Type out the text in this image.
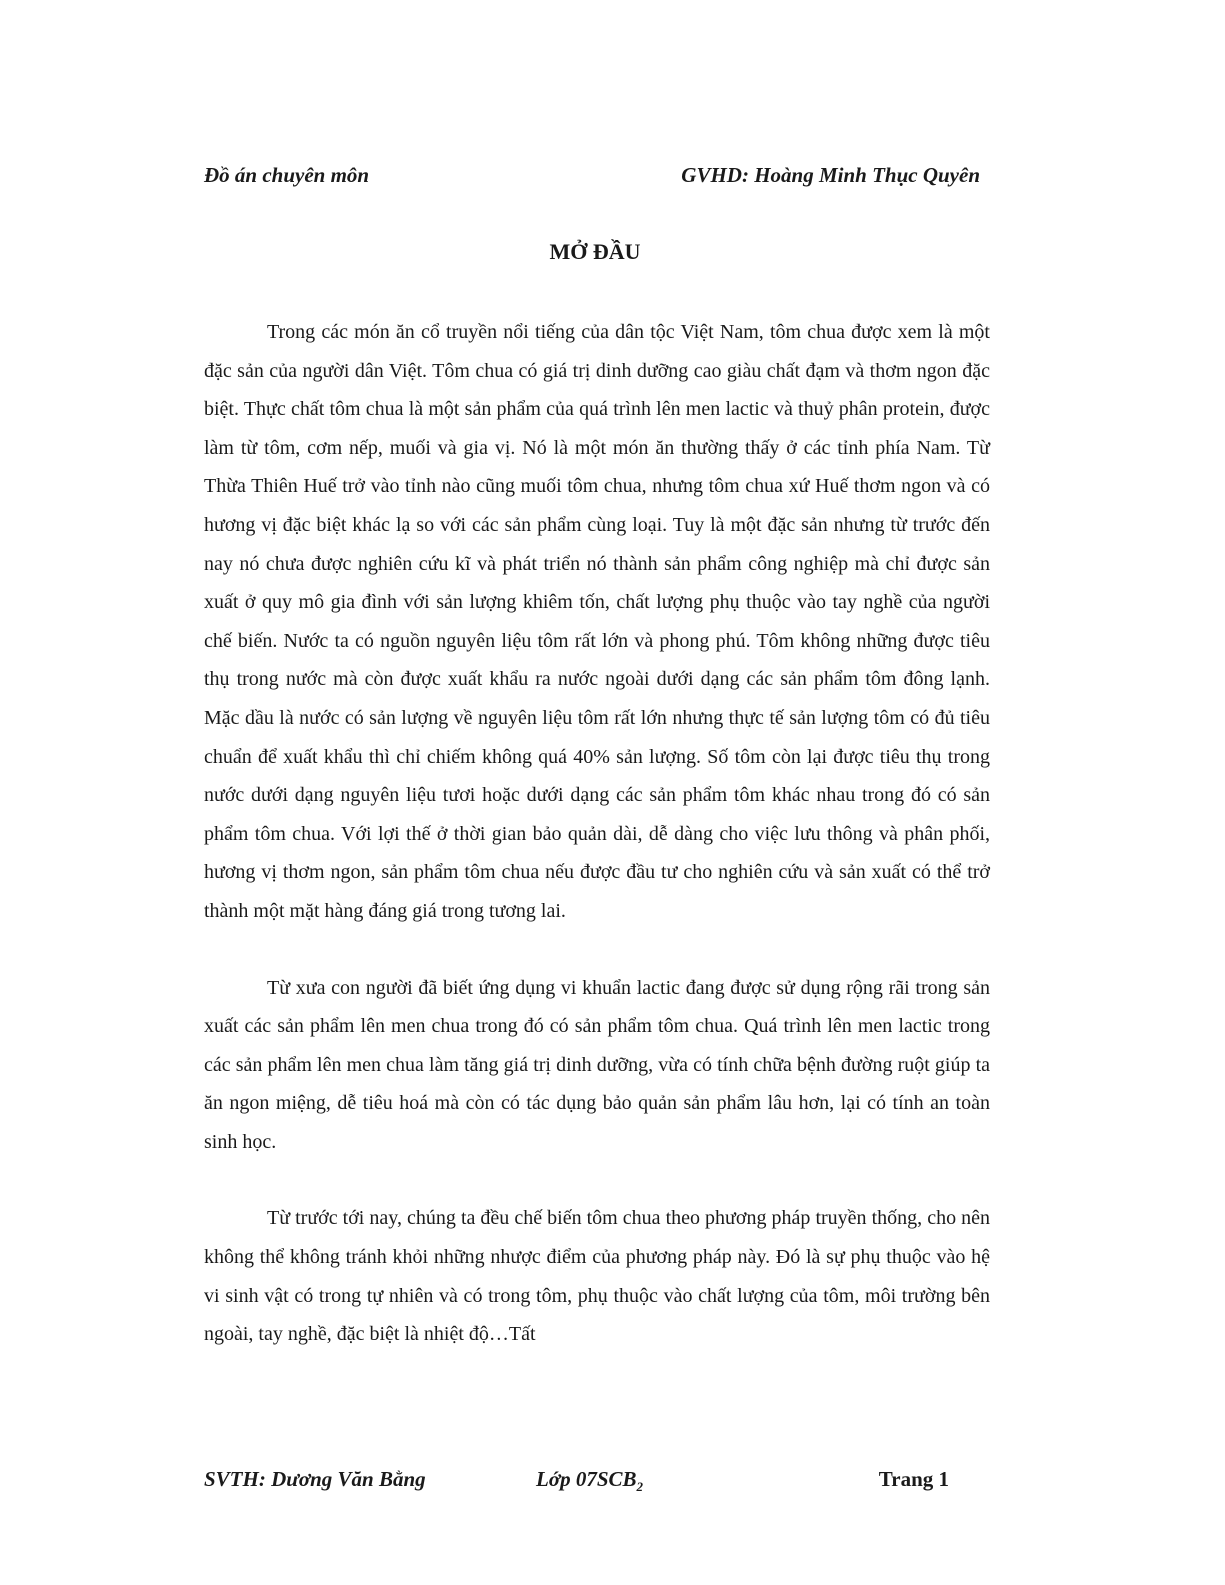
Đồ án chuyên môn	GVHD: Hoàng Minh Thục Quyên
MỞ ĐẦU

Trong các món ăn cổ truyền nổi tiếng của dân tộc Việt Nam, tôm chua được xem là một đặc sản của người dân Việt. Tôm chua có giá trị dinh dưỡng cao giàu chất đạm và thơm ngon đặc biệt. Thực chất tôm chua là một sản phẩm của quá trình lên men lactic và thuỷ phân protein, được làm từ tôm, cơm nếp, muối và gia vị. Nó là một món ăn thường thấy ở các tỉnh phía Nam. Từ Thừa Thiên Huế trở vào tỉnh nào cũng muối tôm chua, nhưng tôm chua xứ Huế thơm ngon và có hương vị đặc biệt khác lạ so với các sản phẩm cùng loại. Tuy là một đặc sản nhưng từ trước đến nay nó chưa được nghiên cứu kĩ và phát triển nó thành sản phẩm công nghiệp mà chỉ được sản xuất ở quy mô gia đình với sản lượng khiêm tốn, chất lượng phụ thuộc vào tay nghề của người chế biến. Nước ta có nguồn nguyên liệu tôm rất lớn và phong phú. Tôm không những được tiêu thụ trong nước mà còn được xuất khẩu ra nước ngoài dưới dạng các sản phẩm tôm đông lạnh. Mặc dầu là nước có sản lượng về nguyên liệu tôm rất lớn nhưng thực tế sản lượng tôm có đủ tiêu chuẩn để xuất khẩu thì chỉ chiếm không quá 40% sản lượng. Số tôm còn lại được tiêu thụ trong nước dưới dạng nguyên liệu tươi hoặc dưới dạng các sản phẩm tôm khác nhau trong đó có sản phẩm tôm chua. Với lợi thế ở thời gian bảo quản dài, dễ dàng cho việc lưu thông và phân phối, hương vị thơm ngon, sản phẩm tôm chua nếu được đầu tư cho nghiên cứu và sản xuất có thể trở thành một mặt hàng đáng giá trong tương lai.

Từ xưa con người đã biết ứng dụng vi khuẩn lactic đang được sử dụng rộng rãi trong sản xuất các sản phẩm lên men chua trong đó có sản phẩm tôm chua. Quá trình lên men lactic trong các sản phẩm lên men chua làm tăng giá trị dinh dưỡng, vừa có tính chữa bệnh đường ruột giúp ta ăn ngon miệng, dễ tiêu hoá mà còn có tác dụng bảo quản sản phẩm lâu hơn, lại có tính an toàn sinh học.

Từ trước tới nay, chúng ta đều chế biến tôm chua theo phương pháp truyền thống, cho nên không thể không tránh khỏi những nhược điểm của phương pháp này. Đó là sự phụ thuộc vào hệ vi sinh vật có trong tự nhiên và có trong tôm, phụ thuộc vào chất lượng của tôm, môi trường bên ngoài, tay nghề, đặc biệt là nhiệt độ…Tất

SVTH: Dương Văn Bằng	Lớp $07SCB_2$	Trang 1
